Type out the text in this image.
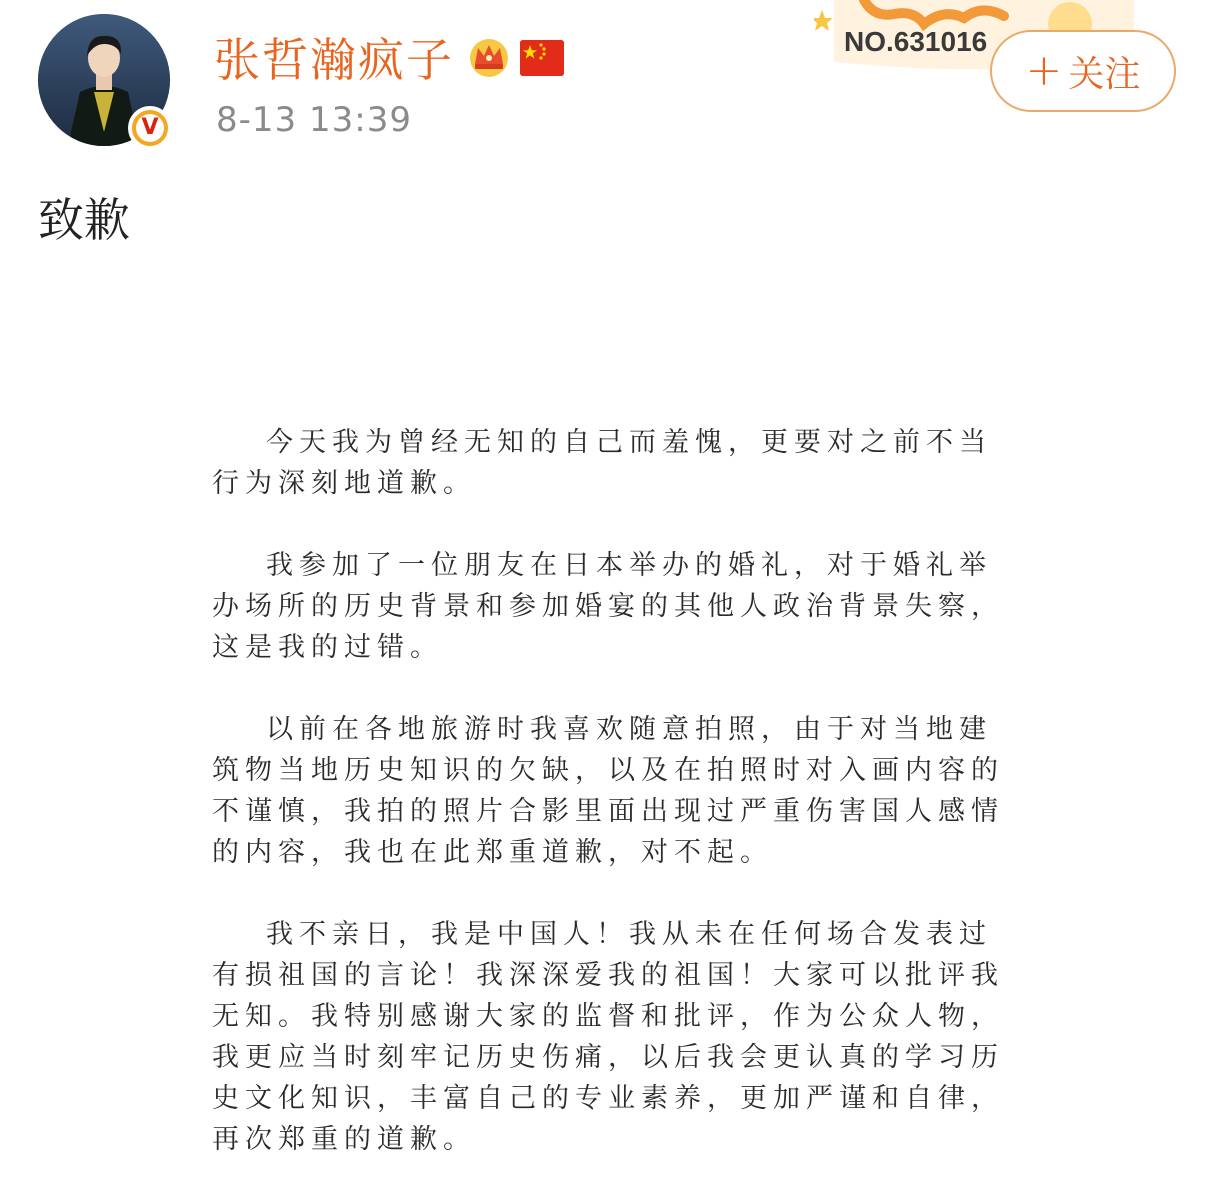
V
张哲瀚疯子
8-13 13:39
NO.631016
+ 关注
致歉

今天我为曾经无知的自己而羞愧，更要对之前不当行为深刻地道歉。

我参加了一位朋友在日本举办的婚礼，对于婚礼举办场所的历史背景和参加婚宴的其他人政治背景失察，这是我的过错。

以前在各地旅游时我喜欢随意拍照，由于对当地建筑物当地历史知识的欠缺，以及在拍照时对入画内容的不谨慎，我拍的照片合影里面出现过严重伤害国人感情的内容，我也在此郑重道歉，对不起。

我不亲日，我是中国人！我从未在任何场合发表过有损祖国的言论！我深深爱我的祖国！大家可以批评我无知。我特别感谢大家的监督和批评，作为公众人物，我更应当时刻牢记历史伤痛，以后我会更认真的学习历史文化知识，丰富自己的专业素养，更加严谨和自律，再次郑重的道歉。
